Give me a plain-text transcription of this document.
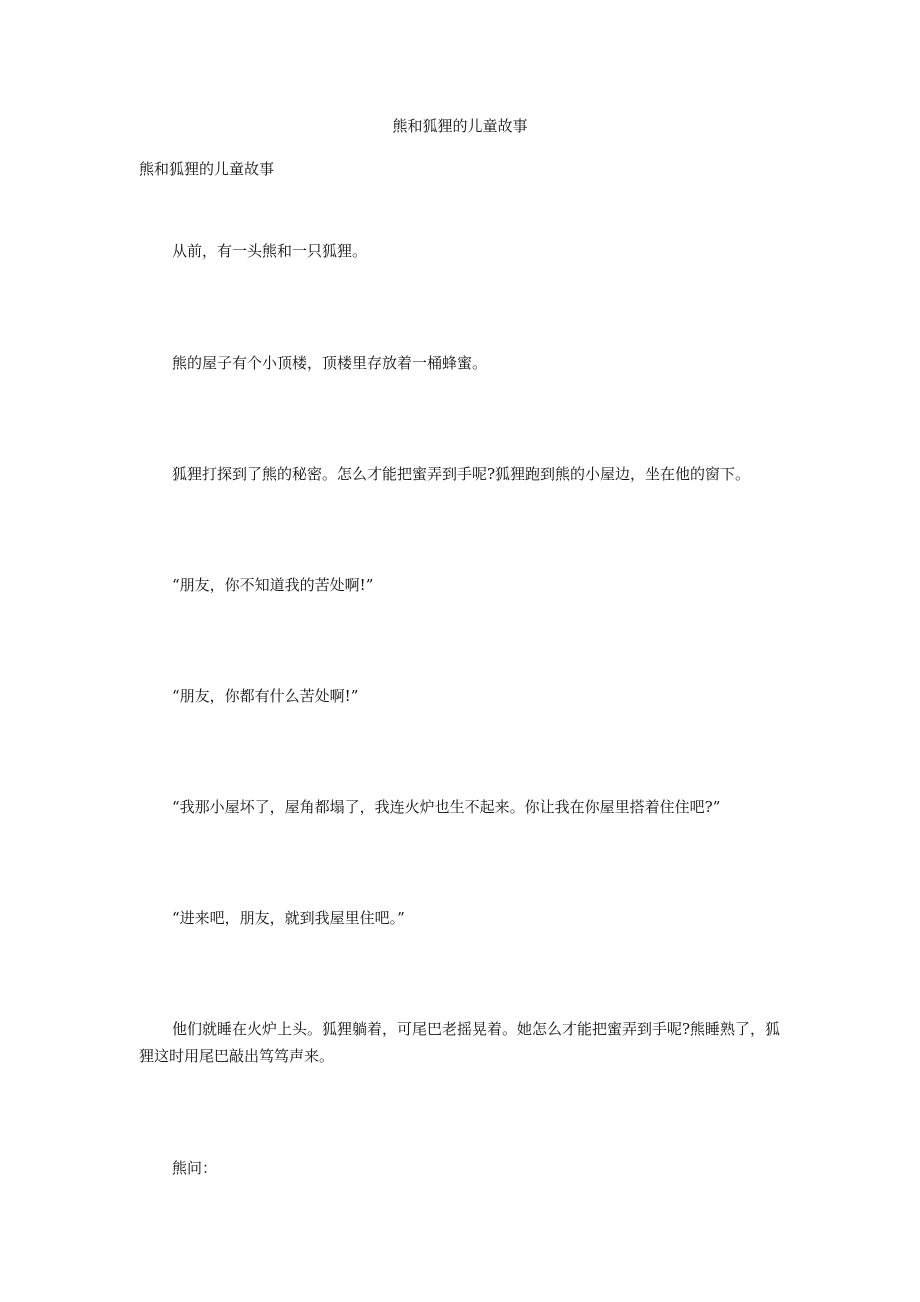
熊和狐狸的儿童故事
熊和狐狸的儿童故事

从前，有一头熊和一只狐狸。

熊的屋子有个小顶楼，顶楼里存放着一桶蜂蜜。

狐狸打探到了熊的秘密。怎么才能把蜜弄到手呢?狐狸跑到熊的小屋边，坐在他的窗下。

“朋友，你不知道我的苦处啊!”

“朋友，你都有什么苦处啊!”

“我那小屋坏了，屋角都塌了，我连火炉也生不起来。你让我在你屋里搭着住住吧?”

“进来吧，朋友，就到我屋里住吧。”

他们就睡在火炉上头。狐狸躺着，可尾巴老摇晃着。她怎么才能把蜜弄到手呢?熊睡熟了，狐狸这时用尾巴敲出笃笃声来。

熊问：
